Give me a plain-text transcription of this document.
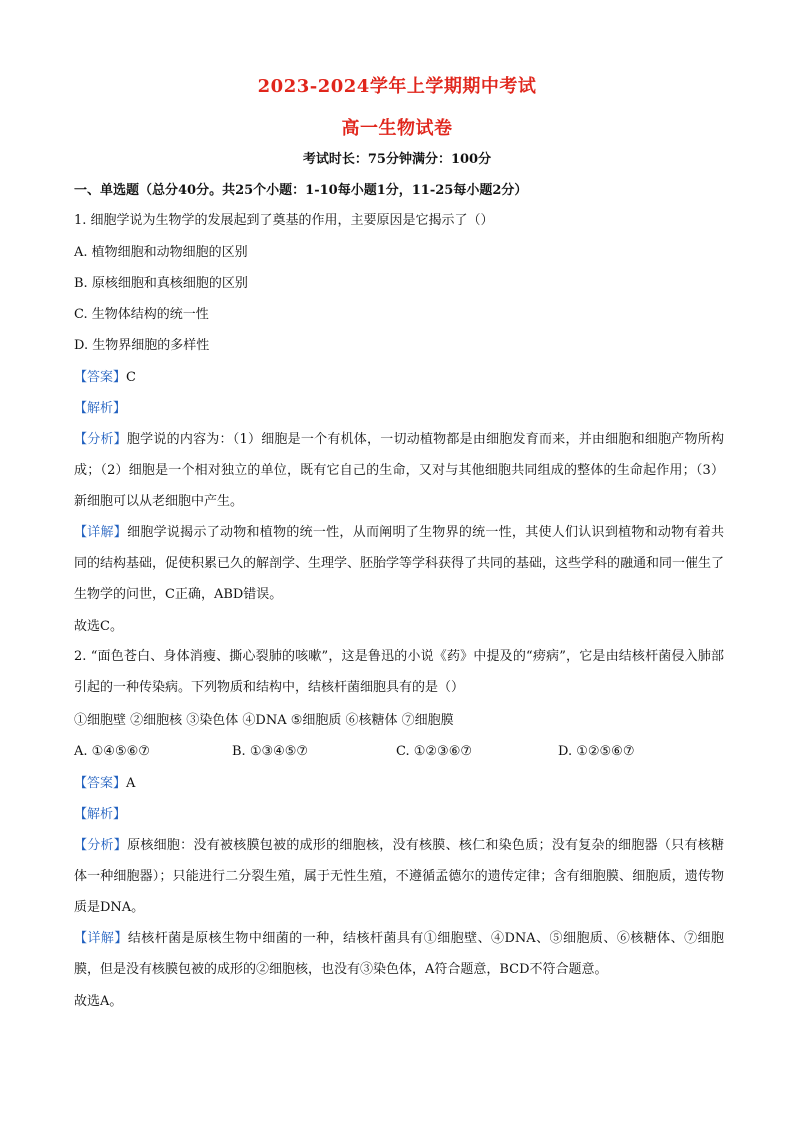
2023-2024学年上学期期中考试
高一生物试卷
考试时长：75分钟满分：100分
一、单选题（总分40分。共25个小题：1-10每小题1分，11-25每小题2分）
1. 细胞学说为生物学的发展起到了奠基的作用，主要原因是它揭示了（）
A. 植物细胞和动物细胞的区别
B. 原核细胞和真核细胞的区别
C. 生物体结构的统一性
D. 生物界细胞的多样性
【答案】C
【解析】
【分析】胞学说的内容为：（1）细胞是一个有机体，一切动植物都是由细胞发育而来，并由细胞和细胞产物所构成；（2）细胞是一个相对独立的单位，既有它自己的生命，又对与其他细胞共同组成的整体的生命起作用；（3）新细胞可以从老细胞中产生。
【详解】细胞学说揭示了动物和植物的统一性，从而阐明了生物界的统一性，其使人们认识到植物和动物有着共同的结构基础，促使积累已久的解剖学、生理学、胚胎学等学科获得了共同的基础，这些学科的融通和同一催生了生物学的问世，C正确，ABD错误。
故选C。
2. “面色苍白、身体消瘦、撕心裂肺的咳嗽”，这是鲁迅的小说《药》中提及的“痨病”，它是由结核杆菌侵入肺部引起的一种传染病。下列物质和结构中，结核杆菌细胞具有的是（）
①细胞壁 ②细胞核 ③染色体 ④DNA ⑤细胞质 ⑥核糖体 ⑦细胞膜
A. ①④⑤⑥⑦	B. ①③④⑤⑦	C. ①②③⑥⑦	D. ①②⑤⑥⑦
【答案】A
【解析】
【分析】原核细胞：没有被核膜包被的成形的细胞核，没有核膜、核仁和染色质；没有复杂的细胞器（只有核糖体一种细胞器）；只能进行二分裂生殖，属于无性生殖，不遵循孟德尔的遗传定律；含有细胞膜、细胞质，遗传物质是DNA。
【详解】结核杆菌是原核生物中细菌的一种，结核杆菌具有①细胞壁、④DNA、⑤细胞质、⑥核糖体、⑦细胞膜，但是没有核膜包被的成形的②细胞核，也没有③染色体，A符合题意，BCD不符合题意。
故选A。
